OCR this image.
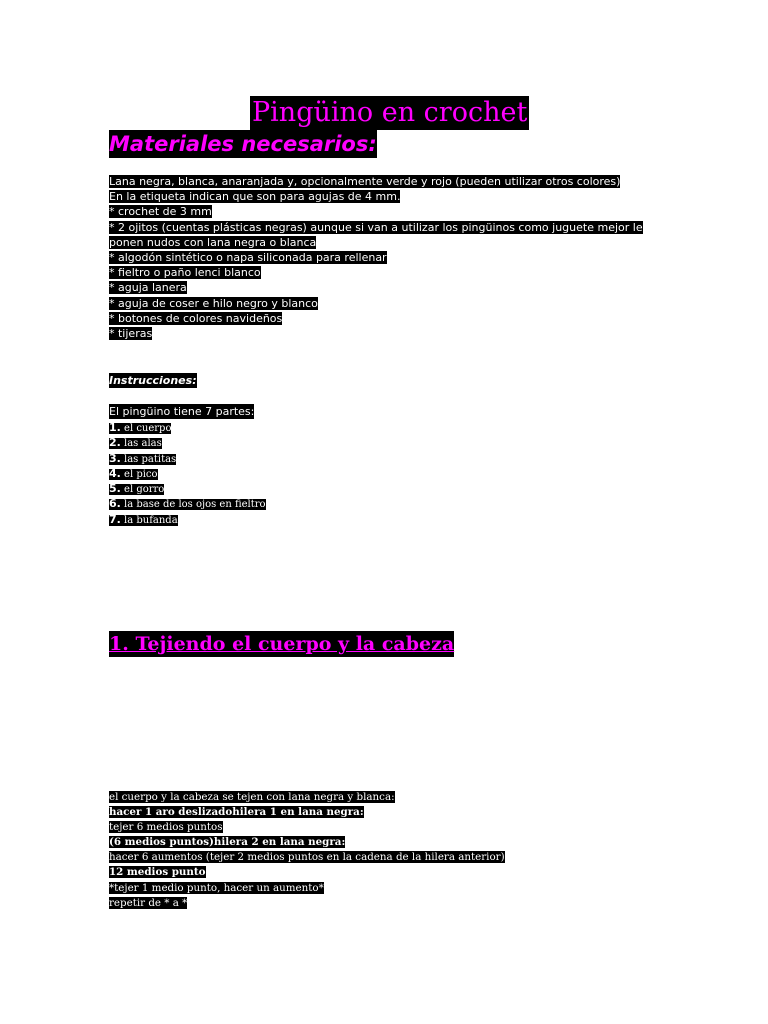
Pingüino en crochet
Materiales necesarios:
Lana negra, blanca, anaranjada y, opcionalmente verde y rojo (pueden utilizar otros colores)
En la etiqueta indican que son para agujas de 4 mm.
* crochet de 3 mm
* 2 ojitos (cuentas plásticas negras) aunque si van a utilizar los pingüinos como juguete mejor le ponen nudos con lana negra o blanca
* algodón sintético o napa siliconada para rellenar
* fieltro o paño lenci blanco
* aguja lanera
* aguja de coser e hilo negro y blanco
* botones de colores navideños
* tijeras
Instrucciones:
El pingüino tiene 7 partes:
1. el cuerpo
2. las alas
3. las patitas
4. el pico
5. el gorro
6. la base de los ojos en fieltro
7. la bufanda
1. Tejiendo el cuerpo y la cabeza
el cuerpo y la cabeza se tejen con lana negra y blanca:
hacer 1 aro deslizadohilera 1 en lana negra:
tejer 6 medios puntos
(6 medios puntos)hilera 2 en lana negra:
hacer 6 aumentos (tejer 2 medios puntos en la cadena de la hilera anterior)
12 medios punto
*tejer 1 medio punto, hacer un aumento*
repetir de * a *
